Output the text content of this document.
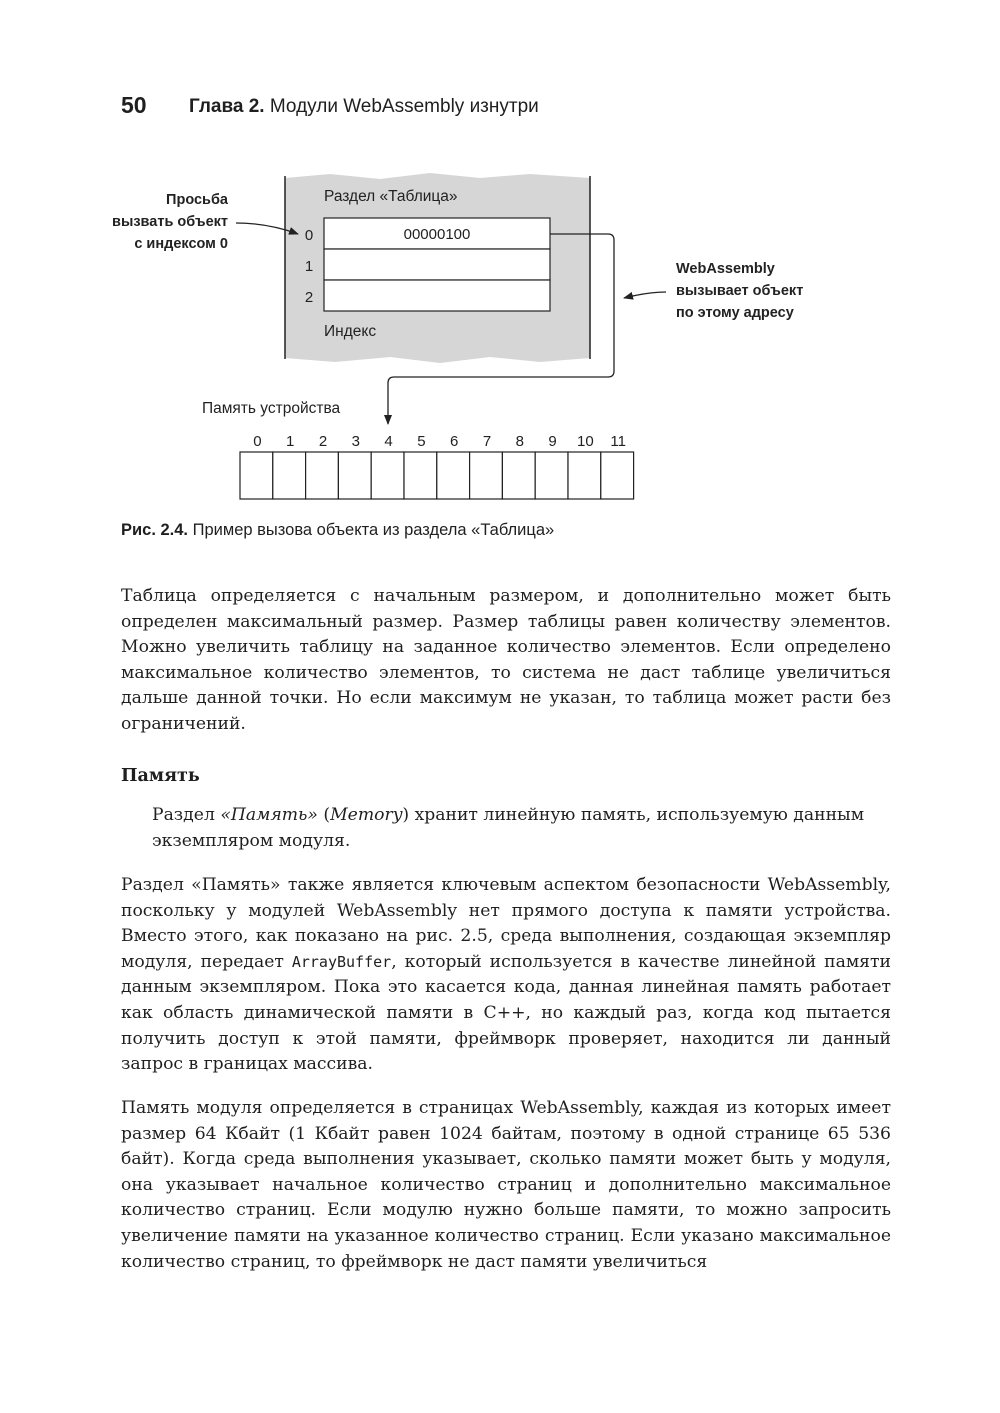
50 Глава 2. Модули WebAssembly изнутри
Раздел «Таблица»
0
1
2
00000100
Индекс
Просьба
вызвать объект
с индексом 0
WebAssembly
вызывает объект
по этому адресу
Память устройства
0 1 2 3 4 5 6 7 8 9 10 11
Рис. 2.4. Пример вызова объекта из раздела «Таблица»
Таблица определяется с начальным размером, и дополнительно может быть определен максимальный размер. Размер таблицы равен количеству элементов. Можно увеличить таблицу на заданное количество элементов. Если определено максимальное количество элементов, то система не даст таблице увеличиться дальше данной точки. Но если максимум не указан, то таблица может расти без ограничений.
Память
Раздел «Память» (Memory) хранит линейную память, используемую данным экземпляром модуля.
Раздел «Память» также является ключевым аспектом безопасности WebAssembly, поскольку у модулей WebAssembly нет прямого доступа к памяти устройства. Вместо этого, как показано на рис. 2.5, среда выполнения, создающая экземпляр модуля, передает ArrayBuffer, который используется в качестве линейной памяти данным экземпляром. Пока это касается кода, данная линейная память работает как область динамической памяти в C++, но каждый раз, когда код пытается получить доступ к этой памяти, фреймворк проверяет, находится ли данный запрос в границах массива.
Память модуля определяется в страницах WebAssembly, каждая из которых имеет размер 64 Кбайт (1 Кбайт равен 1024 байтам, поэтому в одной странице 65 536 байт). Когда среда выполнения указывает, сколько памяти может быть у модуля, она указывает начальное количество страниц и дополнительно максимальное количество страниц. Если модулю нужно больше памяти, то можно запросить увеличение памяти на указанное количество страниц. Если указано максимальное количество страниц, то фреймворк не даст памяти увеличиться
